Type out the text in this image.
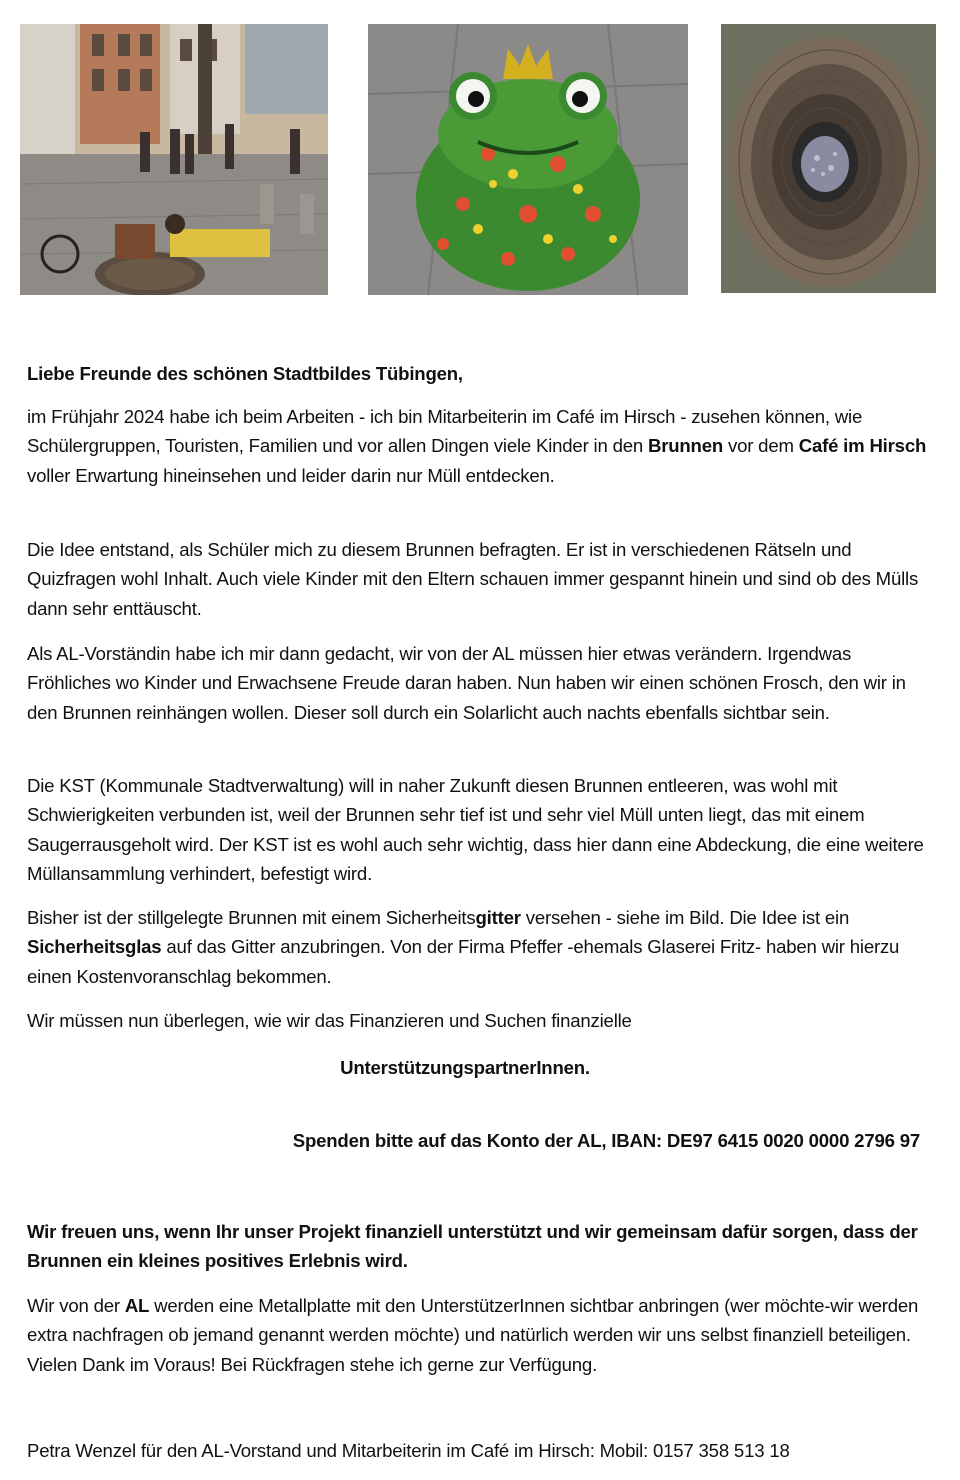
Liebe Freunde des schönen Stadtbildes Tübingen,

im Frühjahr 2024 habe ich beim Arbeiten - ich bin Mitarbeiterin im Café im Hirsch - zusehen können, wie Schülergruppen, Touristen, Familien und vor allen Dingen viele Kinder in den Brunnen vor dem Café im Hirsch voller Erwartung hineinsehen und leider darin nur Müll entdecken.

Die Idee entstand, als Schüler mich zu diesem Brunnen befragten. Er ist in verschiedenen Rätseln und Quizfragen wohl Inhalt. Auch viele Kinder mit den Eltern schauen immer gespannt hinein und sind ob des Mülls dann sehr enttäuscht.

Als AL-Vorständin habe ich mir dann gedacht, wir von der AL müssen hier etwas verändern. Irgendwas Fröhliches wo Kinder und Erwachsene Freude daran haben. Nun haben wir einen schönen Frosch, den wir in den Brunnen reinhängen wollen. Dieser soll durch ein Solarlicht auch nachts ebenfalls sichtbar sein.

Die KST (Kommunale Stadtverwaltung) will in naher Zukunft diesen Brunnen entleeren, was wohl mit Schwierigkeiten verbunden ist, weil der Brunnen sehr tief ist und sehr viel Müll unten liegt, das mit einem Saugerrausgeholt wird. Der KST ist es wohl auch sehr wichtig, dass hier dann eine Abdeckung, die eine weitere Müllansammlung verhindert, befestigt wird.

Bisher ist der stillgelegte Brunnen mit einem Sicherheitsgitter versehen - siehe im Bild. Die Idee ist ein Sicherheitsglas auf das Gitter anzubringen. Von der Firma Pfeffer -ehemals Glaserei Fritz- haben wir hierzu einen Kostenvoranschlag bekommen.

Wir müssen nun überlegen, wie wir das Finanzieren und Suchen finanzielle

UnterstützungspartnerInnen.

Spenden bitte auf das Konto der AL, IBAN: DE97 6415 0020 0000 2796 97

Wir freuen uns, wenn Ihr unser Projekt finanziell unterstützt und wir gemeinsam dafür sorgen, dass der Brunnen ein kleines positives Erlebnis wird.

Wir von der AL werden eine Metallplatte mit den UnterstützerInnen sichtbar anbringen (wer möchte-wir werden extra nachfragen ob jemand genannt werden möchte) und natürlich werden wir uns selbst finanziell beteiligen. Vielen Dank im Voraus! Bei Rückfragen stehe ich gerne zur Verfügung.

Petra Wenzel für den AL-Vorstand und Mitarbeiterin im Café im Hirsch: Mobil: 0157 358 513 18
